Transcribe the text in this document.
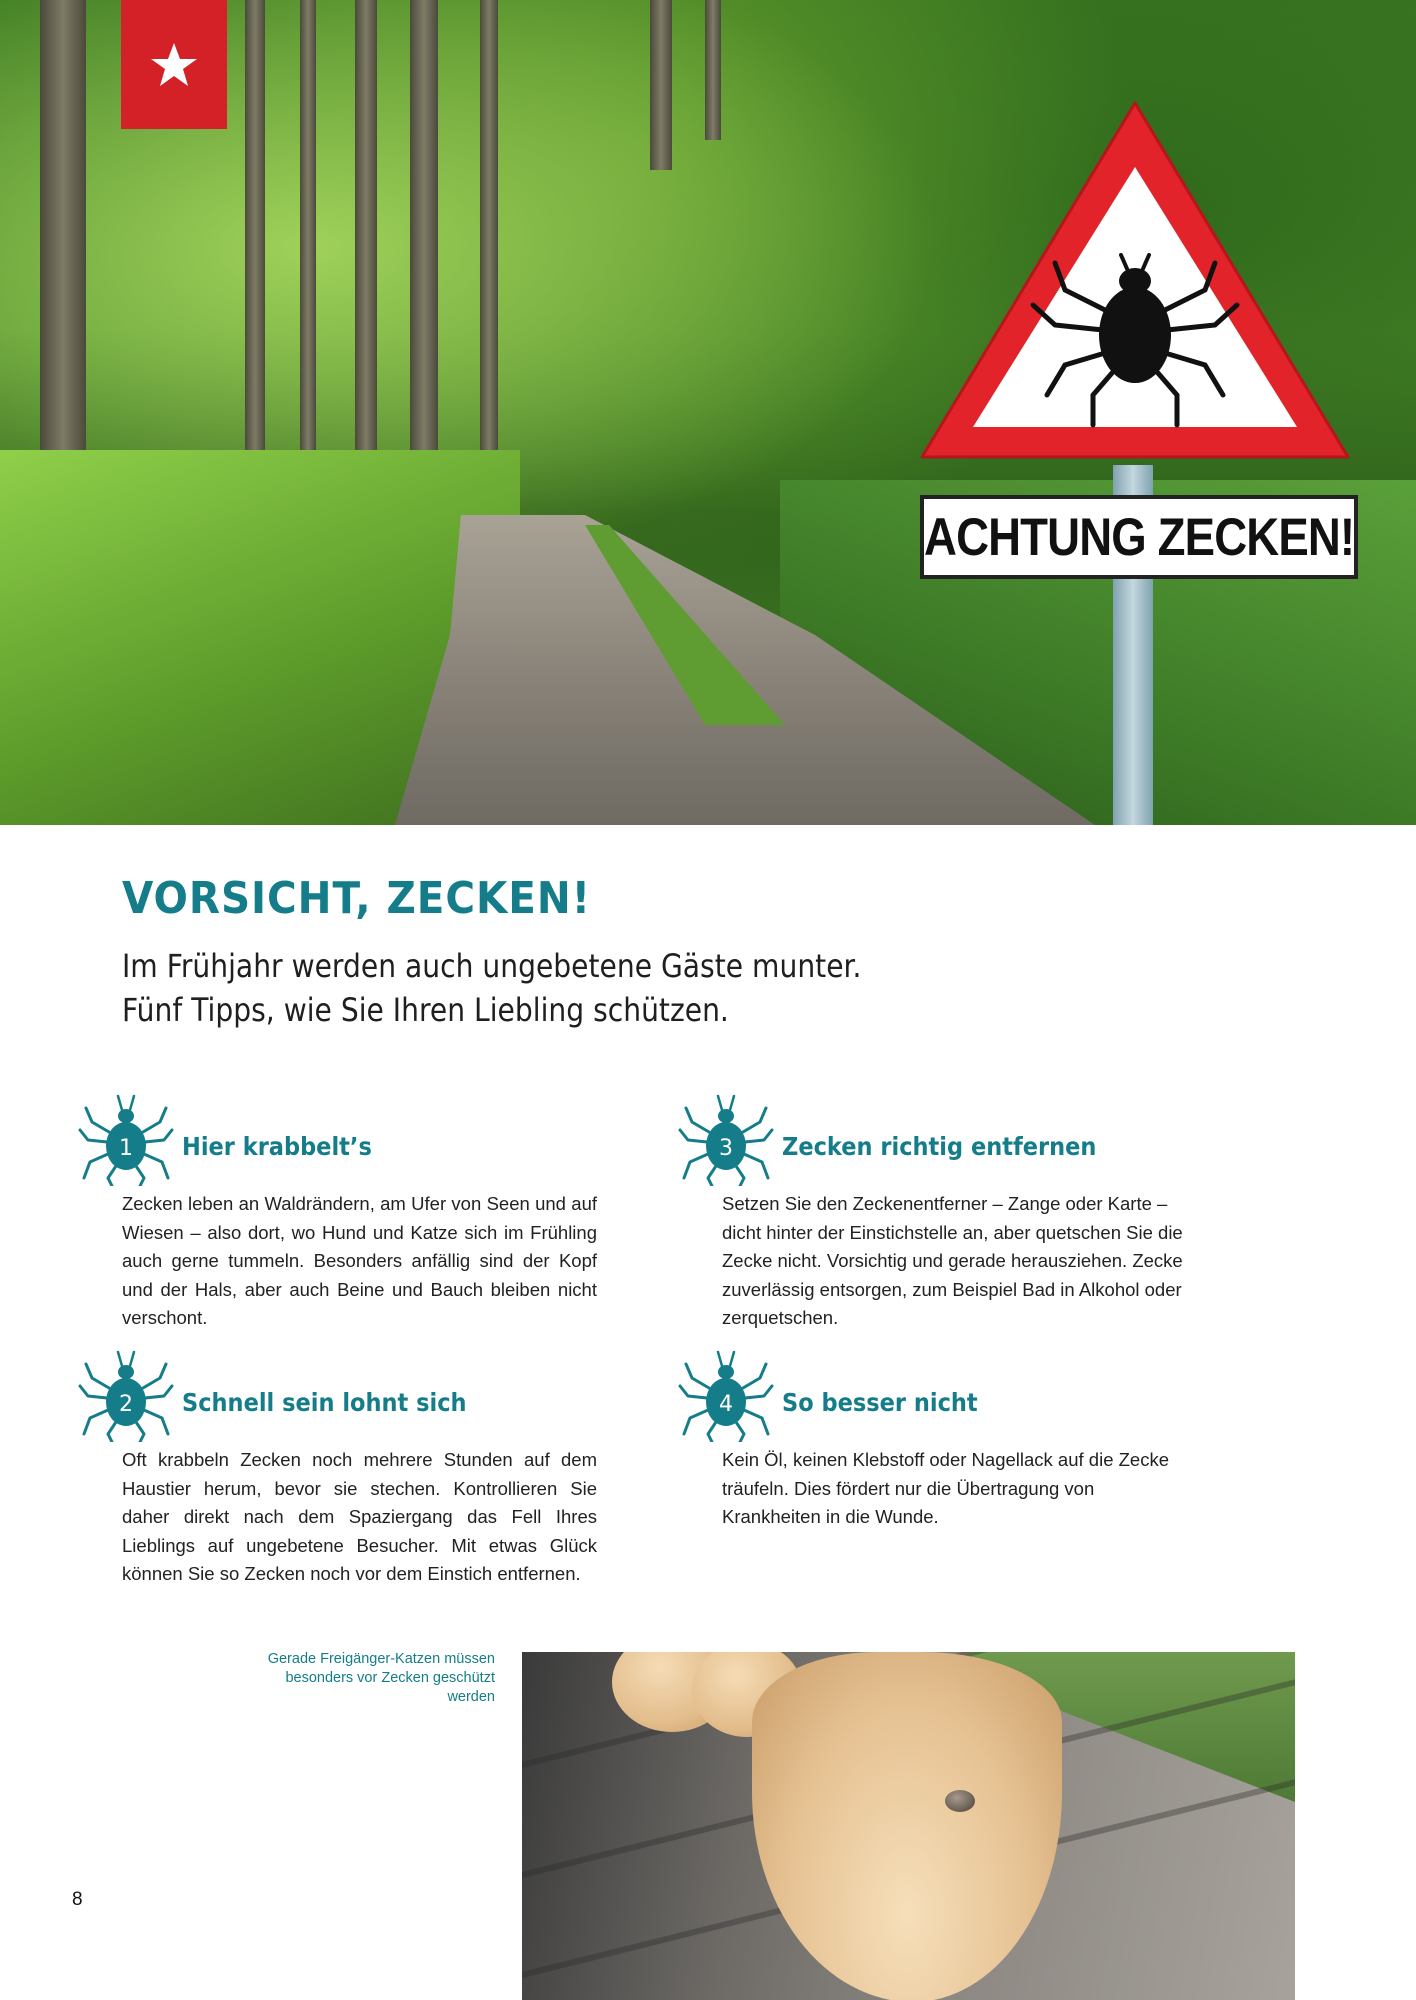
ACHTUNG ZECKEN!
VORSICHT, ZECKEN!
Im Frühjahr werden auch ungebetene Gäste munter.
Fünf Tipps, wie Sie Ihren Liebling schützen.
1 Hier krabbelt’s

Zecken leben an Waldrändern, am Ufer von Seen und auf Wiesen – also dort, wo Hund und Katze sich im Frühling auch gerne tummeln. Besonders anfällig sind der Kopf und der Hals, aber auch Beine und Bauch bleiben nicht verschont.

2 Schnell sein lohnt sich

Oft krabbeln Zecken noch mehrere Stunden auf dem Haustier herum, bevor sie stechen. Kontrollieren Sie daher direkt nach dem Spaziergang das Fell Ihres Lieblings auf ungebetene Besucher. Mit etwas Glück können Sie so Zecken noch vor dem Einstich entfernen.

3 Zecken richtig entfernen

Setzen Sie den Zeckenentferner – Zange oder Karte – dicht hinter der Einstichstelle an, aber quetschen Sie die Zecke nicht. Vorsichtig und gerade herausziehen. Zecke zuverlässig entsorgen, zum Beispiel Bad in Alkohol oder zerquetschen.

4 So besser nicht

Kein Öl, keinen Klebstoff oder Nagellack auf die Zecke träufeln. Dies fördert nur die Übertragung von Krankheiten in die Wunde.

Gerade Freigänger-Katzen müssen besonders vor Zecken geschützt werden
8
